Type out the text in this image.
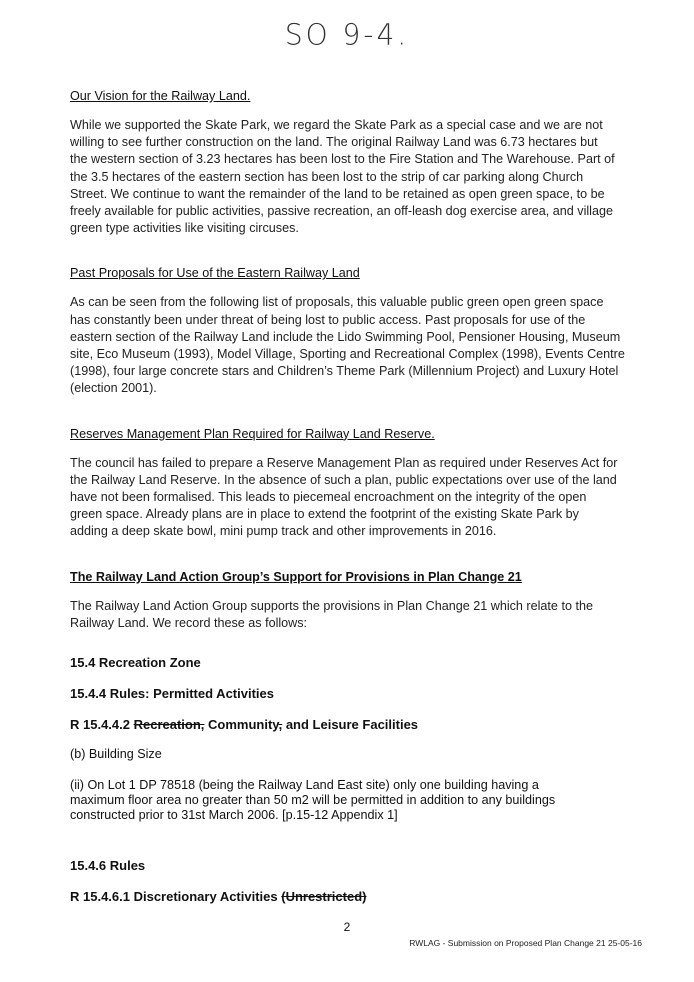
SO 9-4.
Our Vision for the Railway Land.
While we supported the Skate Park, we regard the Skate Park as a special case and we are not
willing to see further construction on the land. The original Railway Land was 6.73 hectares but
the western section of 3.23 hectares has been lost to the Fire Station and The Warehouse. Part of
the 3.5 hectares of the eastern section has been lost to the strip of car parking along Church
Street. We continue to want the remainder of the land to be retained as open green space, to be
freely available for public activities, passive recreation, an off-leash dog exercise area, and village
green type activities like visiting circuses.
Past Proposals for Use of the Eastern Railway Land
As can be seen from the following list of proposals, this valuable public green open green space
has constantly been under threat of being lost to public access. Past proposals for use of the
eastern section of the Railway Land include the Lido Swimming Pool, Pensioner Housing, Museum
site, Eco Museum (1993), Model Village, Sporting and Recreational Complex (1998), Events Centre
(1998), four large concrete stars and Children’s Theme Park (Millennium Project) and Luxury Hotel
(election 2001).
Reserves Management Plan Required for Railway Land Reserve.
The council has failed to prepare a Reserve Management Plan as required under Reserves Act for
the Railway Land Reserve. In the absence of such a plan, public expectations over use of the land
have not been formalised. This leads to piecemeal encroachment on the integrity of the open
green space. Already plans are in place to extend the footprint of the existing Skate Park by
adding a deep skate bowl, mini pump track and other improvements in 2016.
The Railway Land Action Group’s Support for Provisions in Plan Change 21
The Railway Land Action Group supports the provisions in Plan Change 21 which relate to the
Railway Land. We record these as follows:
15.4 Recreation Zone
15.4.4 Rules: Permitted Activities
R 15.4.4.2 Recreation, Community, and Leisure Facilities
(b) Building Size
(ii) On Lot 1 DP 78518 (being the Railway Land East site) only one building having a
maximum floor area no greater than 50 m2 will be permitted in addition to any buildings
constructed prior to 31st March 2006. [p.15-12 Appendix 1]
15.4.6 Rules
R 15.4.6.1 Discretionary Activities (Unrestricted)
2
RWLAG - Submission on Proposed Plan Change 21 25-05-16
